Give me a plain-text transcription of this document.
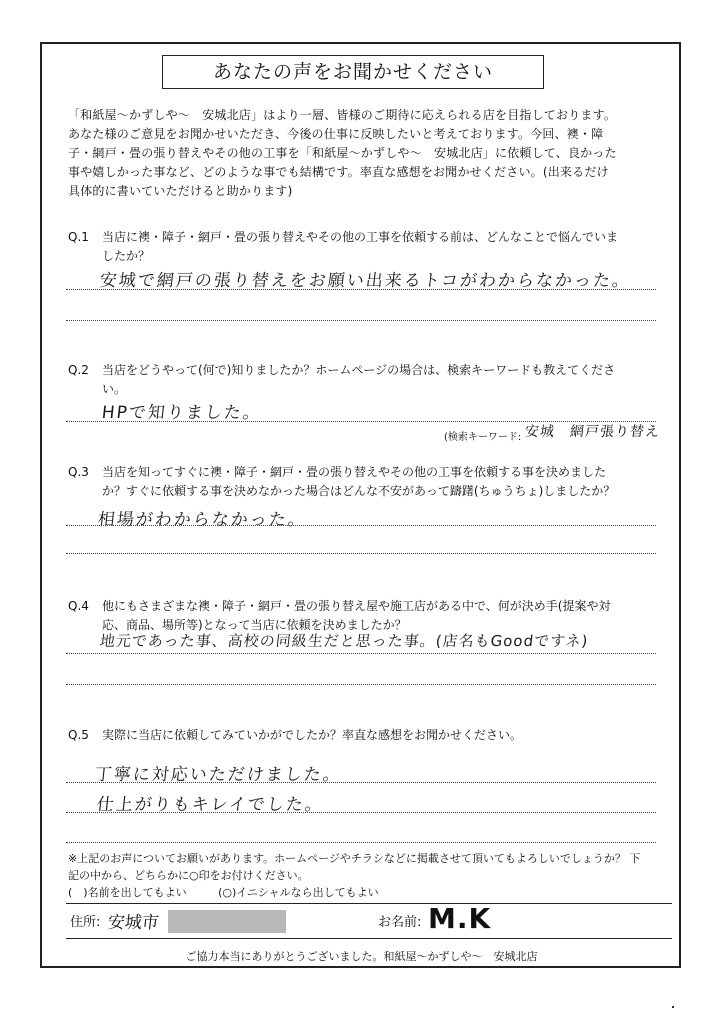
あなたの声をお聞かせください

「和紙屋～かずしや～　安城北店」はより一層、皆様のご期待に応えられる店を目指しております。

あなた様のご意見をお聞かせいただき、今後の仕事に反映したいと考えております。今回、襖・障

子・網戸・畳の張り替えやその他の工事を「和紙屋～かずしや～　安城北店」に依頼して、良かった

事や嬉しかった事など、どのような事でも結構です。率直な感想をお聞かせください。(出来るだけ

具体的に書いていただけると助かります)

Q.1 当店に襖・障子・網戸・畳の張り替えやその他の工事を依頼する前は、どんなことで悩んでいま

したか？

安城で網戸の張り替えをお願い出来るトコがわからなかった。
Q.2 当店をどうやって(何で)知りましたか？ホームページの場合は、検索キーワードも教えてくださ

い。

HPで知りました。
(検索キーワード: 安城　網戸張り替え
Q.3 当店を知ってすぐに襖・障子・網戸・畳の張り替えやその他の工事を依頼する事を決めました

か？すぐに依頼する事を決めなかった場合はどんな不安があって躊躇(ちゅうちょ)しましたか？

相場がわからなかった。
Q.4 他にもさまざまな襖・障子・網戸・畳の張り替え屋や施工店がある中で、何が決め手(提案や対

応、商品、場所等)となって当店に依頼を決めましたか？

地元であった事、高校の同級生だと思った事。(店名もGoodですネ)
Q.5 実際に当店に依頼してみていかがでしたか？率直な感想をお聞かせください。

丁寧に対応いただけました。
仕上がりもキレイでした。

※上記のお声についてお願いがあります。ホームページやチラシなどに掲載させて頂いてもよろしいでしょうか？ 下

記の中から、どちらかに○印をお付けください。

(　)名前を出してもよい	(○)イニシャルなら出してもよい
住所: 安城市	お名前: M.K
ご協力本当にありがとうございました。和紙屋～かずしや～　安城北店
